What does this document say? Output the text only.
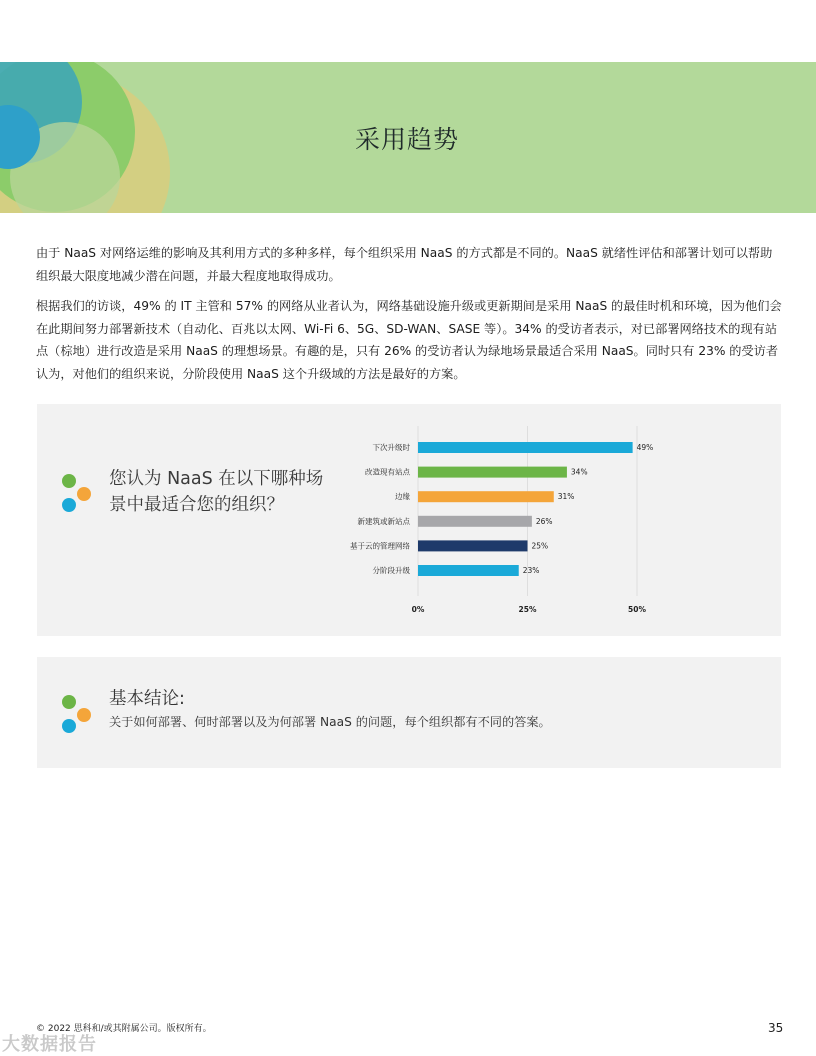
采用趋势

由于 NaaS 对网络运维的影响及其利用方式的多种多样，每个组织采用 NaaS 的方式都是不同的。NaaS 就绪性评估和部署计划可以帮助组织最大限度地减少潜在问题，并最大程度地取得成功。

根据我们的访谈，49% 的 IT 主管和 57% 的网络从业者认为，网络基础设施升级或更新期间是采用 NaaS 的最佳时机和环境，因为他们会在此期间努力部署新技术（自动化、百兆以太网、Wi-Fi 6、5G、SD-WAN、SASE 等）。34% 的受访者表示，对已部署网络技术的现有站点（棕地）进行改造是采用 NaaS 的理想场景。有趣的是，只有 26% 的受访者认为绿地场景最适合采用 NaaS。同时只有 23% 的受访者认为，对他们的组织来说，分阶段使用 NaaS 这个升级域的方法是最好的方案。

您认为 NaaS 在以下哪种场景中最适合您的组织？
0%	25%	50%
下次升级时	49%
改造现有站点	34%
边缘	31%
新建筑或新站点	26%
基于云的管理网络	25%
分阶段升级	23%
基本结论:
关于如何部署、何时部署以及为何部署 NaaS 的问题，每个组织都有不同的答案。
© 2022 思科和/或其附属公司。版权所有。	35
大数据报告
